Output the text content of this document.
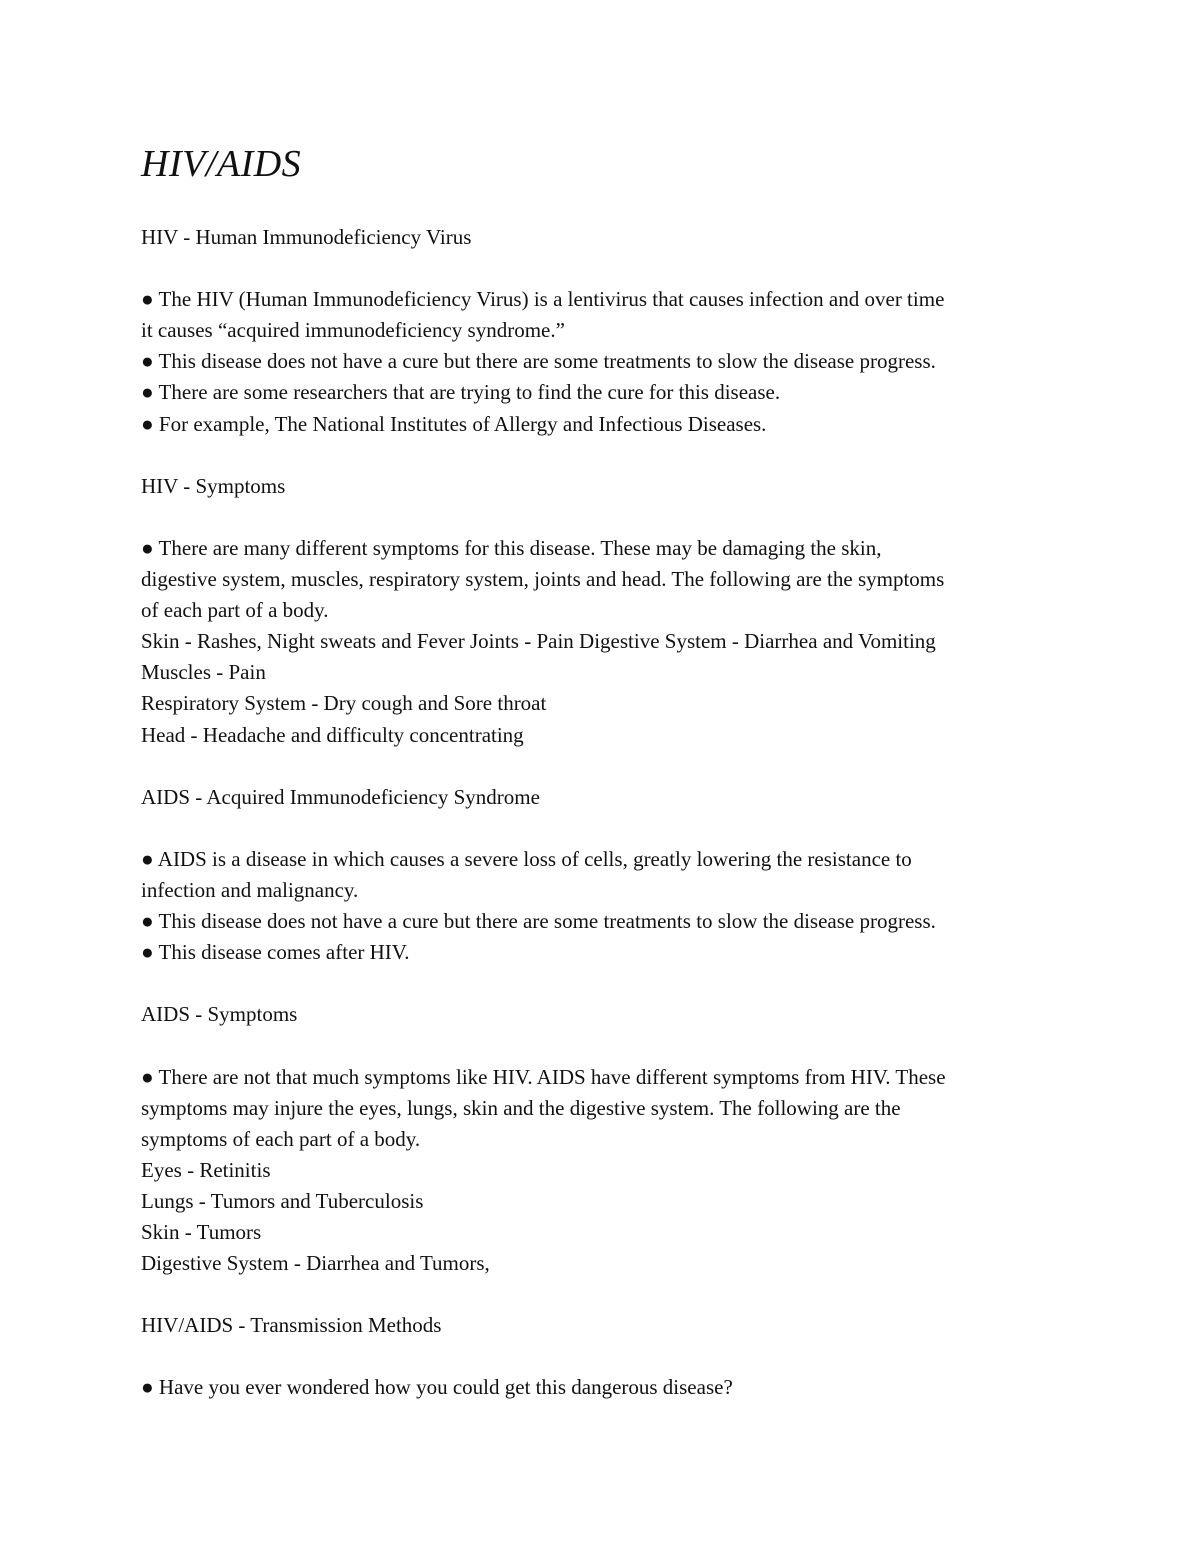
HIV/AIDS
HIV - Human Immunodeficiency Virus
● The HIV (Human Immunodeficiency Virus) is a lentivirus that causes infection and over time
it causes “acquired immunodeficiency syndrome.”
● This disease does not have a cure but there are some treatments to slow the disease progress.
● There are some researchers that are trying to find the cure for this disease.
● For example, The National Institutes of Allergy and Infectious Diseases.
HIV - Symptoms
● There are many different symptoms for this disease. These may be damaging the skin,
digestive system, muscles, respiratory system, joints and head. The following are the symptoms
of each part of a body.
Skin - Rashes, Night sweats and Fever Joints - Pain Digestive System - Diarrhea and Vomiting
Muscles - Pain
Respiratory System - Dry cough and Sore throat
Head - Headache and difficulty concentrating
AIDS - Acquired Immunodeficiency Syndrome
● AIDS is a disease in which causes a severe loss of cells, greatly lowering the resistance to
infection and malignancy.
● This disease does not have a cure but there are some treatments to slow the disease progress.
● This disease comes after HIV.
AIDS - Symptoms
● There are not that much symptoms like HIV. AIDS have different symptoms from HIV. These
symptoms may injure the eyes, lungs, skin and the digestive system. The following are the
symptoms of each part of a body.
Eyes - Retinitis
Lungs - Tumors and Tuberculosis
Skin - Tumors
Digestive System - Diarrhea and Tumors,
HIV/AIDS - Transmission Methods
● Have you ever wondered how you could get this dangerous disease?
